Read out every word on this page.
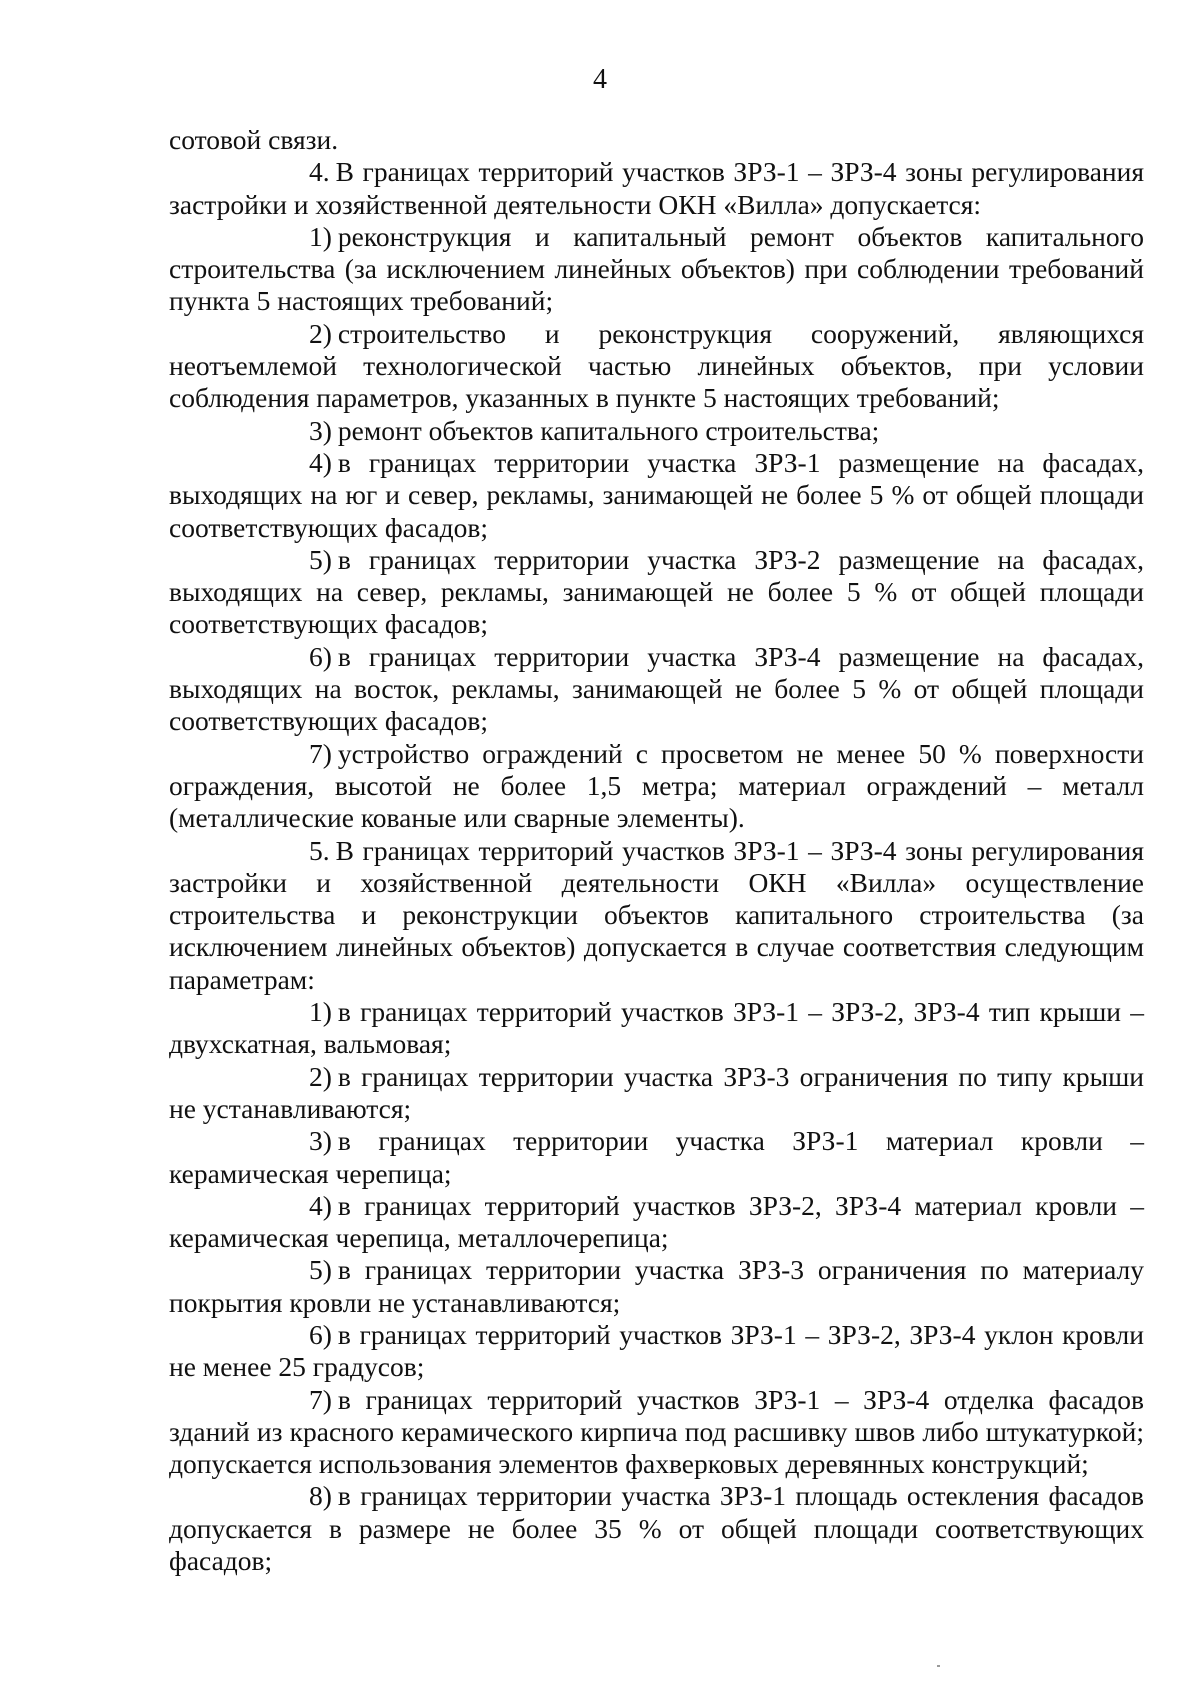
4

сотовой связи.

4. В границах территорий участков ЗРЗ-1 – ЗРЗ-4 зоны регулирования застройки и хозяйственной деятельности ОКН «Вилла» допускается:

1) реконструкция и капитальный ремонт объектов капитального строительства (за исключением линейных объектов) при соблюдении требований пункта 5 настоящих требований;

2) строительство и реконструкция сооружений, являющихся неотъемлемой технологической частью линейных объектов, при условии соблюдения параметров, указанных в пункте 5 настоящих требований;

3) ремонт объектов капитального строительства;

4) в границах территории участка ЗРЗ-1 размещение на фасадах, выходящих на юг и север, рекламы, занимающей не более 5 % от общей площади соответствующих фасадов;

5) в границах территории участка ЗРЗ-2 размещение на фасадах, выходящих на север, рекламы, занимающей не более 5 % от общей площади соответствующих фасадов;

6) в границах территории участка ЗРЗ-4 размещение на фасадах, выходящих на восток, рекламы, занимающей не более 5 % от общей площади соответствующих фасадов;

7) устройство ограждений с просветом не менее 50 % поверхности ограждения, высотой не более 1,5 метра; материал ограждений – металл (металлические кованые или сварные элементы).

5. В границах территорий участков ЗРЗ-1 – ЗРЗ-4 зоны регулирования застройки и хозяйственной деятельности ОКН «Вилла» осуществление строительства и реконструкции объектов капитального строительства (за исключением линейных объектов) допускается в случае соответствия следующим параметрам:

1) в границах территорий участков ЗРЗ-1 – ЗРЗ-2, ЗРЗ-4 тип крыши – двухскатная, вальмовая;

2) в границах территории участка ЗРЗ-3 ограничения по типу крыши не устанавливаются;

3) в границах территории участка ЗРЗ-1 материал кровли – керамическая черепица;

4) в границах территорий участков ЗРЗ-2, ЗРЗ-4 материал кровли – керамическая черепица, металлочерепица;

5) в границах территории участка ЗРЗ-3 ограничения по материалу покрытия кровли не устанавливаются;

6) в границах территорий участков ЗРЗ-1 – ЗРЗ-2, ЗРЗ-4 уклон кровли не менее 25 градусов;

7) в границах территорий участков ЗРЗ-1 – ЗРЗ-4 отделка фасадов зданий из красного керамического кирпича под расшивку швов либо штукатуркой; допускается использования элементов фахверковых деревянных конструкций;

8) в границах территории участка ЗРЗ-1 площадь остекления фасадов допускается в размере не более 35 % от общей площади соответствующих фасадов;
